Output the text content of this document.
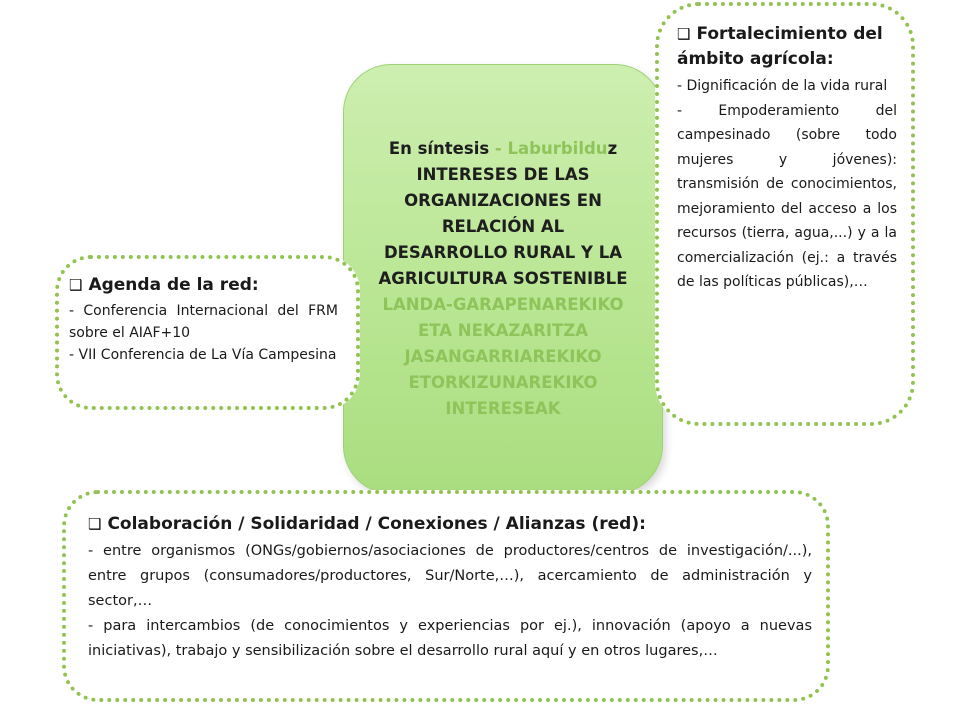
En síntesis - Laburbilduz
INTERESES DE LAS
ORGANIZACIONES EN
RELACIÓN AL
DESARROLLO RURAL Y LA
AGRICULTURA SOSTENIBLE
LANDA-GARAPENAREKIKO
ETA NEKAZARITZA
JASANGARRIAREKIKO
ETORKIZUNAREKIKO
INTERESEAK
❑ Agenda de la red:
- Conferencia Internacional del FRM sobre el AIAF+10
- VII Conferencia de La Vía Campesina
❑ Fortalecimiento del ámbito agrícola:
- Dignificación de la vida rural
- Empoderamiento del campesinado (sobre todo mujeres y jóvenes): transmisión de conocimientos, mejoramiento del acceso a los recursos (tierra, agua,...) y a la comercialización (ej.: a través de las políticas públicas),…
❑ Colaboración / Solidaridad / Conexiones / Alianzas (red):
- entre organismos (ONGs/gobiernos/asociaciones de productores/centros de investigación/...), entre grupos (consumadores/productores, Sur/Norte,…), acercamiento de administración y sector,…
- para intercambios (de conocimientos y experiencias por ej.), innovación (apoyo a nuevas iniciativas), trabajo y sensibilización sobre el desarrollo rural aquí y en otros lugares,…
